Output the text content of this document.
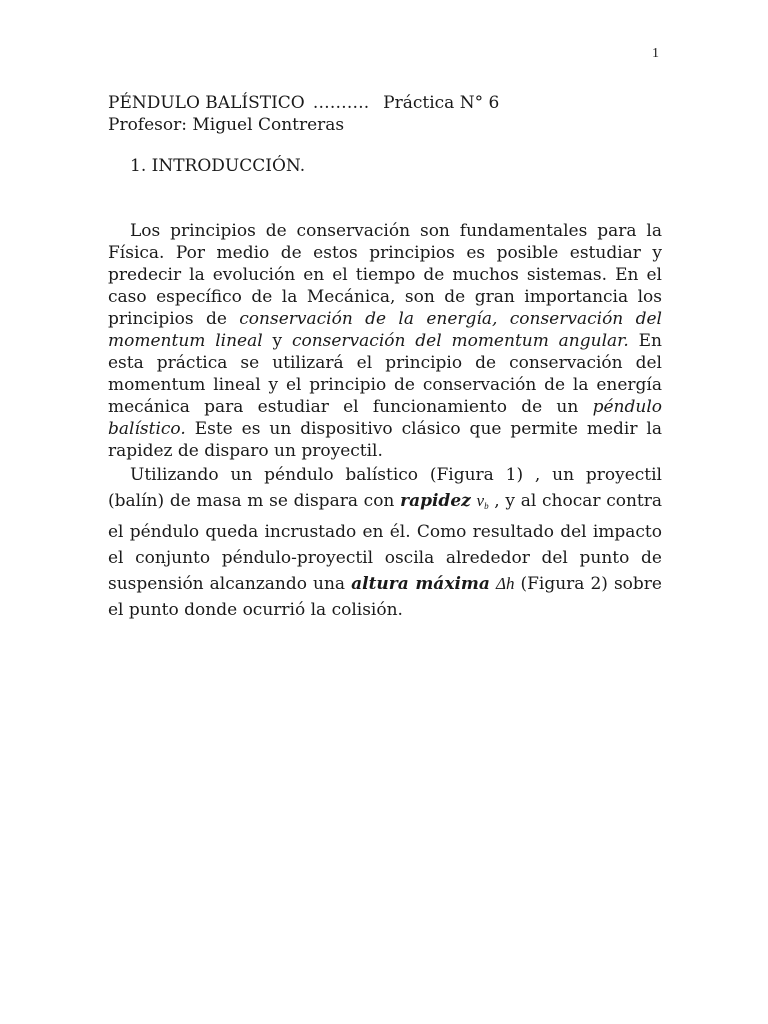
1
PÉNDULO BALÍSTICO ………. Práctica N° 6
Profesor: Miguel Contreras
1. INTRODUCCIÓN.

Los principios de conservación son fundamentales para la Física. Por medio de estos principios es posible estudiar y predecir la evolución en el tiempo de muchos sistemas. En el caso específico de la Mecánica, son de gran importancia los principios de conservación de la energía, conservación del momentum lineal y conservación del momentum angular. En esta práctica se utilizará el principio de conservación del momentum lineal y el principio de conservación de la energía mecánica para estudiar el funcionamiento de un péndulo balístico. Este es un dispositivo clásico que permite medir la rapidez de disparo un proyectil.

Utilizando un péndulo balístico (Figura 1) , un proyectil (balín) de masa m se dispara con rapidez $v_b$ , y al chocar contra el péndulo queda incrustado en él. Como resultado del impacto el conjunto péndulo-proyectil oscila alrededor del punto de suspensión alcanzando una altura máxima Δh (Figura 2) sobre el punto donde ocurrió la colisión.
